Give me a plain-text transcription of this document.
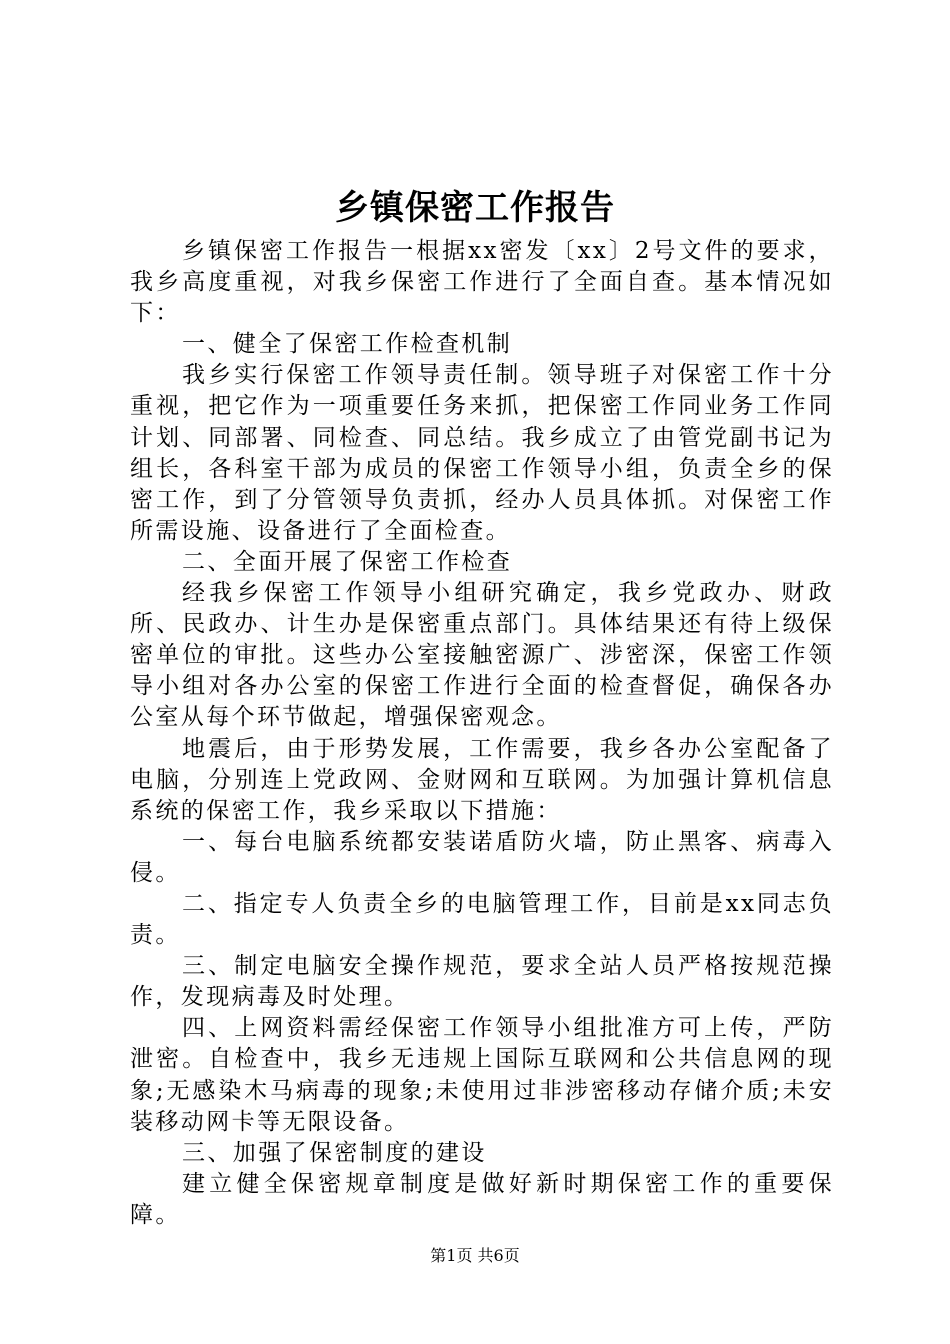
乡镇保密工作报告

乡镇保密工作报告一根据xx密发〔xx〕2号文件的要求，我乡高度重视，对我乡保密工作进行了全面自查。基本情况如下：

一、健全了保密工作检查机制

我乡实行保密工作领导责任制。领导班子对保密工作十分重视，把它作为一项重要任务来抓，把保密工作同业务工作同计划、同部署、同检查、同总结。我乡成立了由管党副书记为组长，各科室干部为成员的保密工作领导小组，负责全乡的保密工作，到了分管领导负责抓，经办人员具体抓。对保密工作所需设施、设备进行了全面检查。

二、全面开展了保密工作检查

经我乡保密工作领导小组研究确定，我乡党政办、财政所、民政办、计生办是保密重点部门。具体结果还有待上级保密单位的审批。这些办公室接触密源广、涉密深，保密工作领导小组对各办公室的保密工作进行全面的检查督促，确保各办公室从每个环节做起，增强保密观念。

地震后，由于形势发展，工作需要，我乡各办公室配备了电脑，分别连上党政网、金财网和互联网。为加强计算机信息系统的保密工作，我乡采取以下措施：

一、每台电脑系统都安装诺盾防火墙，防止黑客、病毒入侵。

二、指定专人负责全乡的电脑管理工作，目前是xx同志负责。

三、制定电脑安全操作规范，要求全站人员严格按规范操作，发现病毒及时处理。

四、上网资料需经保密工作领导小组批准方可上传，严防泄密。自检查中，我乡无违规上国际互联网和公共信息网的现象;无感染木马病毒的现象;未使用过非涉密移动存储介质;未安装移动网卡等无限设备。

三、加强了保密制度的建设

建立健全保密规章制度是做好新时期保密工作的重要保障。

第1页 共6页
